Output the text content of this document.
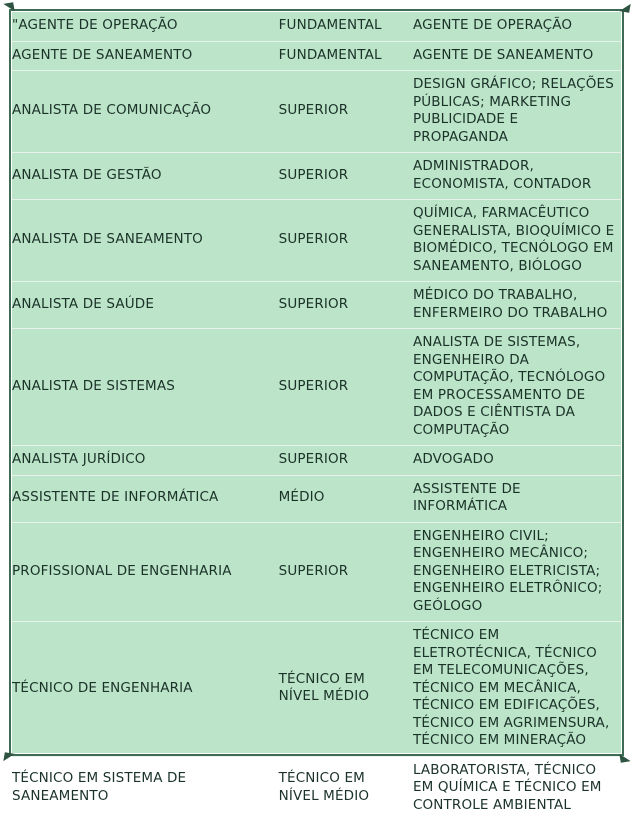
"AGENTE DE OPERAÇÃO	FUNDAMENTAL	AGENTE DE OPERAÇÃO

AGENTE DE SANEAMENTO	FUNDAMENTAL	AGENTE DE SANEAMENTO

ANALISTA DE COMUNICAÇÃO	SUPERIOR	DESIGN GRÁFICO; RELAÇÕES PÚBLICAS; MARKETING PUBLICIDADE E PROPAGANDA

ANALISTA DE GESTÃO	SUPERIOR	ADMINISTRADOR, ECONOMISTA, CONTADOR

ANALISTA DE SANEAMENTO	SUPERIOR	QUÍMICA, FARMACÊUTICO GENERALISTA, BIOQUÍMICO E BIOMÉDICO, TECNÓLOGO EM SANEAMENTO, BIÓLOGO

ANALISTA DE SAÚDE	SUPERIOR	MÉDICO DO TRABALHO, ENFERMEIRO DO TRABALHO

ANALISTA DE SISTEMAS	SUPERIOR	ANALISTA DE SISTEMAS, ENGENHEIRO DA COMPUTAÇÃO, TECNÓLOGO EM PROCESSAMENTO DE DADOS E CIÊNTISTA DA COMPUTAÇÃO

ANALISTA JURÍDICO	SUPERIOR	ADVOGADO

ASSISTENTE DE INFORMÁTICA	MÉDIO	ASSISTENTE DE INFORMÁTICA

PROFISSIONAL DE ENGENHARIA	SUPERIOR	ENGENHEIRO CIVIL; ENGENHEIRO MECÂNICO; ENGENHEIRO ELETRICISTA; ENGENHEIRO ELETRÔNICO; GEÓLOGO

TÉCNICO DE ENGENHARIA	TÉCNICO EM NÍVEL MÉDIO	TÉCNICO EM ELETROTÉCNICA, TÉCNICO EM TELECOMUNICAÇÕES, TÉCNICO EM MECÂNICA, TÉCNICO EM EDIFICAÇÕES, TÉCNICO EM AGRIMENSURA, TÉCNICO EM MINERAÇÃO

TÉCNICO EM SISTEMA DE SANEAMENTO	TÉCNICO EM NÍVEL MÉDIO	LABORATORISTA, TÉCNICO EM QUÍMICA E TÉCNICO EM CONTROLE AMBIENTAL
